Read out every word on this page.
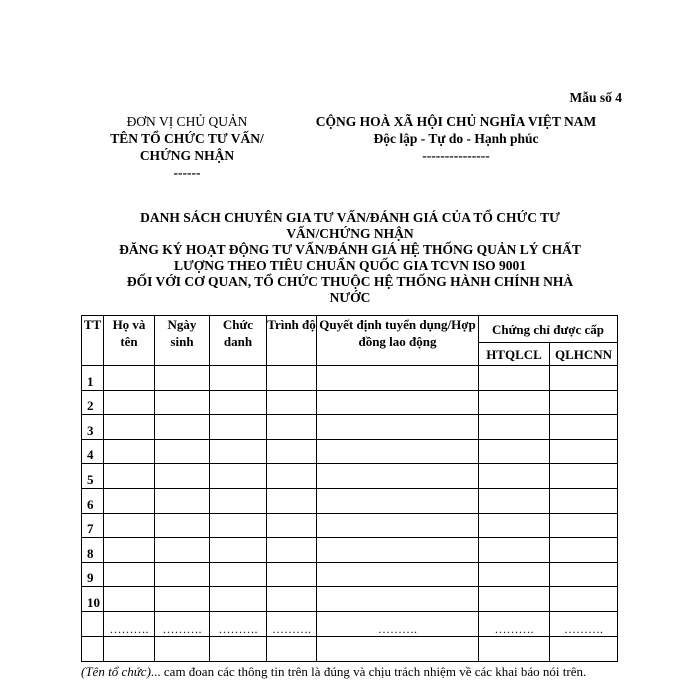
Mẫu số 4
ĐƠN VỊ CHỦ QUẢN
TÊN TỔ CHỨC TƯ VẤN/
CHỨNG NHẬN
------
CỘNG HOÀ XÃ HỘI CHỦ NGHĨA VIỆT NAM
Độc lập - Tự do - Hạnh phúc
---------------
DANH SÁCH CHUYÊN GIA TƯ VẤN/ĐÁNH GIÁ CỦA TỔ CHỨC TƯ
VẤN/CHỨNG NHẬN
ĐĂNG KÝ HOẠT ĐỘNG TƯ VẤN/ĐÁNH GIÁ HỆ THỐNG QUẢN LÝ CHẤT
LƯỢNG THEO TIÊU CHUẨN QUỐC GIA TCVN ISO 9001
ĐỐI VỚI CƠ QUAN, TỔ CHỨC THUỘC HỆ THỐNG HÀNH CHÍNH NHÀ
NƯỚC
TT	Họ và tên	Ngày sinh	Chức danh	Trình độ	Quyết định tuyển dụng/Hợp đồng lao động	Chứng chỉ được cấp	
						HTQLCL	QLHCNN
1							
2							
3							
4							
5							
6							
7							
8							
9							
10							
	……….	……….	……….	……….	……….	……….	……….

(Tên tổ chức)... cam đoan các thông tin trên là đúng và chịu trách nhiệm về các khai báo nói trên.
